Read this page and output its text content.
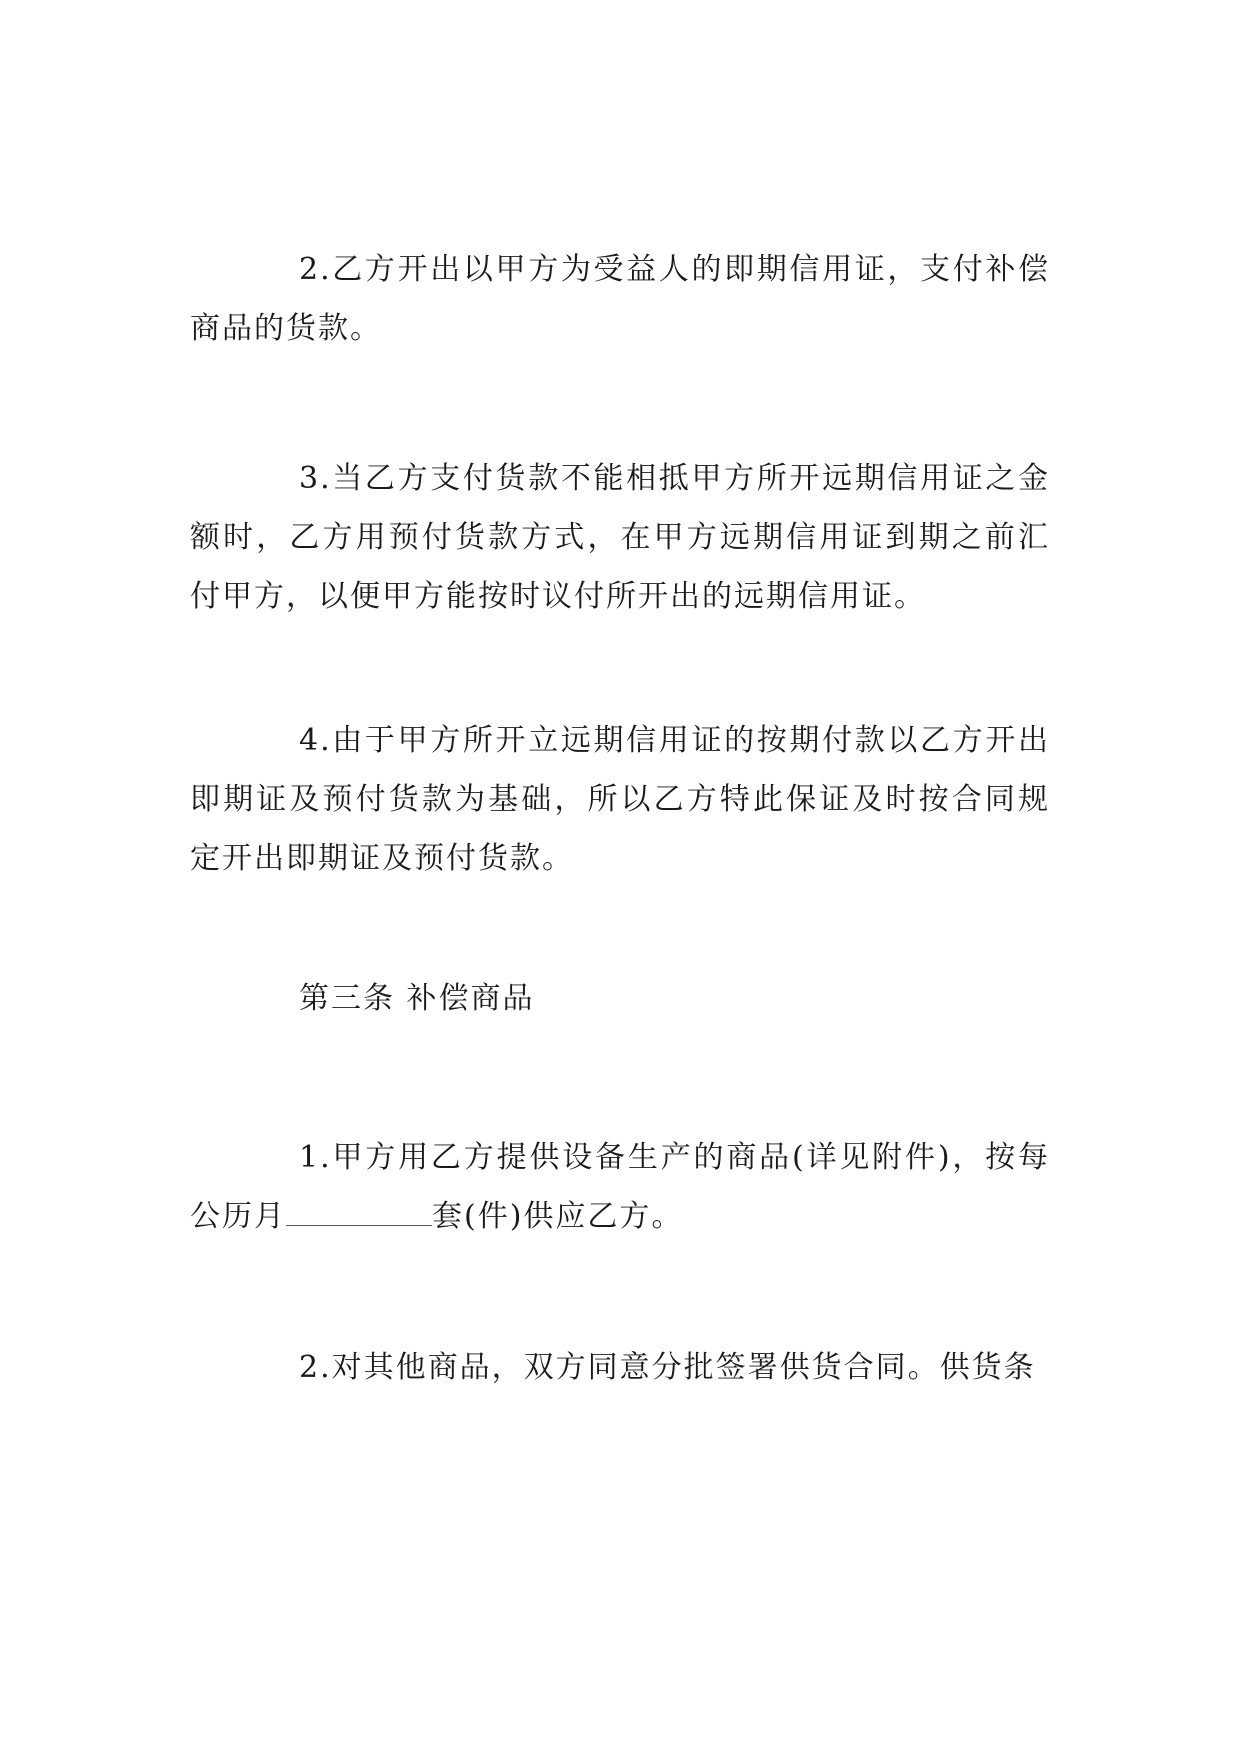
2.乙方开出以甲方为受益人的即期信用证，支付补偿商品的货款。

3.当乙方支付货款不能相抵甲方所开远期信用证之金额时，乙方用预付货款方式，在甲方远期信用证到期之前汇付甲方，以便甲方能按时议付所开出的远期信用证。

4.由于甲方所开立远期信用证的按期付款以乙方开出即期证及预付货款为基础，所以乙方特此保证及时按合同规定开出即期证及预付货款。

第三条 补偿商品

1.甲方用乙方提供设备生产的商品(详见附件)，按每公历月	套(件)供应乙方。

2.对其他商品，双方同意分批签署供货合同。供货条
